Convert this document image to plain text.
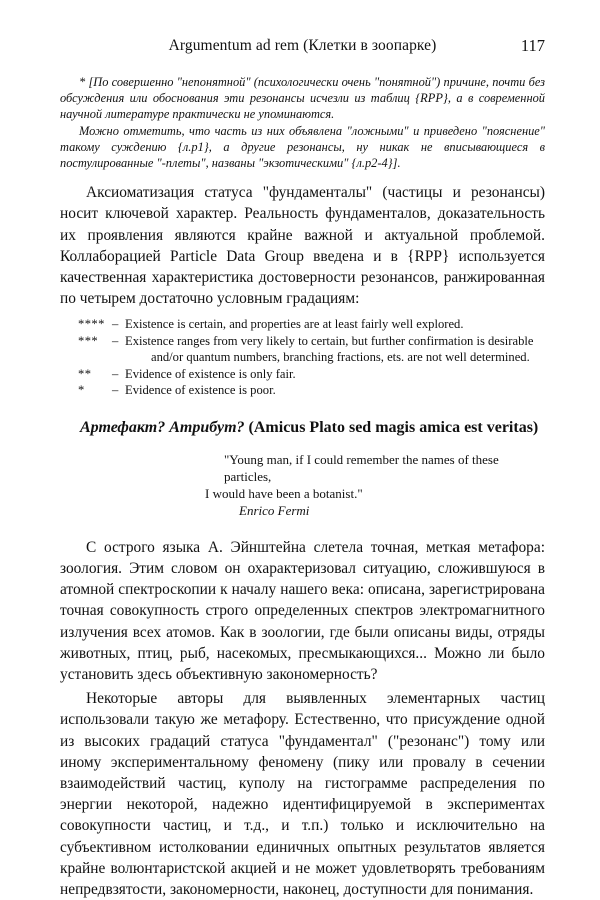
Argumentum ad rem (Клетки в зоопарке)	117

* [По совершенно "непонятной" (психологически очень "понятной") причине, почти без обсуждения или обоснования эти резонансы исчезли из таблиц {RPP}, а в современной научной литературе практически не упоминаются.

Можно отметить, что часть из них объявлена "ложными" и приведено "пояснение" такому суждению {л.p1}, а другие резонансы, ну никак не вписывающиеся в постулированные "-плеты", названы "экзотическими" {л.p2-4}].

Аксиоматизация статуса "фундаменталы" (частицы и резонансы) носит ключевой характер. Реальность фундаменталов, доказательность их проявления являются крайне важной и актуальной проблемой. Коллаборацией Particle Data Group введена и в {RPP} используется качественная характеристика достоверности резонансов, ранжированная по четырем достаточно условным градациям:

**** – Existence is certain, and properties are at least fairly well explored.
***	– Existence ranges from very likely to certain, but further confirmation is desirable
and/or quantum numbers, branching fractions, ets. are not well determined.
**	– Evidence of existence is only fair.
*	– Evidence of existence is poor.
Артефакт? Атрибут? (Amicus Plato sed magis amica est veritas)
"Young man, if I could remember the names of these particles,
I would have been a botanist."
Enrico Fermi

С острого языка А. Эйнштейна слетела точная, меткая метафора: зоология. Этим словом он охарактеризовал ситуацию, сложившуюся в атомной спектроскопии к началу нашего века: описана, зарегистрирована точная совокупность строго определенных спектров электромагнитного излучения всех атомов. Как в зоологии, где были описаны виды, отряды животных, птиц, рыб, насекомых, пресмыкающихся... Можно ли было установить здесь объективную закономерность?

Некоторые авторы для выявленных элементарных частиц использовали такую же метафору. Естественно, что присуждение одной из высоких градаций статуса "фундаментал" ("резонанс") тому или иному экспериментальному феномену (пику или провалу в сечении взаимодействий частиц, куполу на гистограмме распределения по энергии некоторой, надежно идентифицируемой в экспериментах совокупности частиц, и т.д., и т.п.) только и исключительно на субъективном истолковании единичных опытных результатов является крайне волюнтаристской акцией и не может удовлетворять требованиям непредвзятости, закономерности, наконец, доступности для понимания.
